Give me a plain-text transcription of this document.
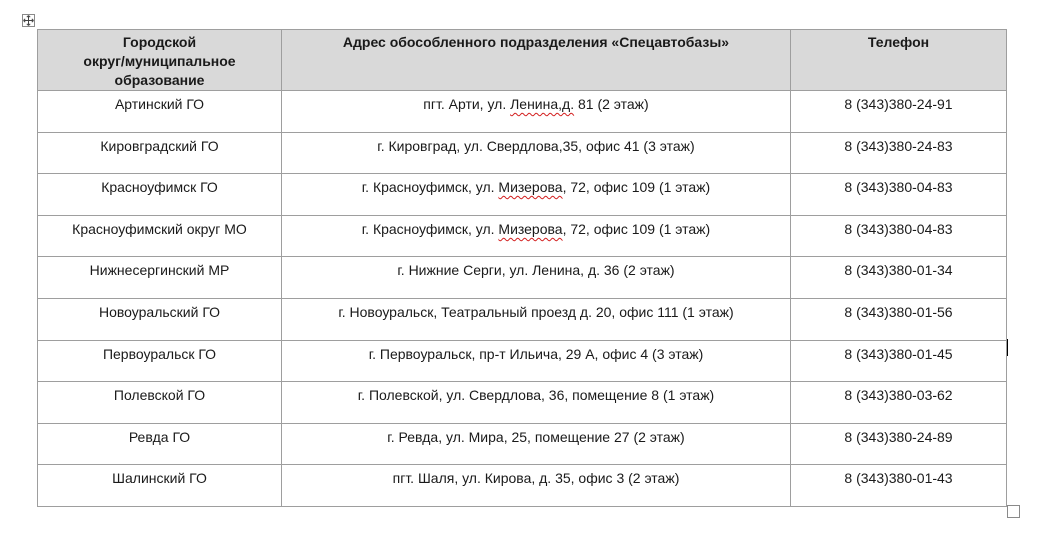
Городской
округ/муниципальное
образование	Адрес обособленного подразделения «Спецавтобазы»	Телефон

Артинский ГО	пгт. Арти, ул. Ленина,д. 81 (2 этаж)	8 (343)380-24-91
Кировградский ГО	г. Кировград, ул. Свердлова,35, офис 41 (3 этаж)	8 (343)380-24-83
Красноуфимск ГО	г. Красноуфимск, ул. Мизерова, 72, офис 109 (1 этаж)	8 (343)380-04-83
Красноуфимский округ МО	г. Красноуфимск, ул. Мизерова, 72, офис 109 (1 этаж)	8 (343)380-04-83
Нижнесергинский МР	г. Нижние Серги, ул. Ленина, д. 36 (2 этаж)	8 (343)380-01-34
Новоуральский ГО	г. Новоуральск, Театральный проезд д. 20, офис 111 (1 этаж)	8 (343)380-01-56
Первоуральск ГО	г. Первоуральск, пр-т Ильича, 29 А, офис 4 (3 этаж)	8 (343)380-01-45
Полевской ГО	г. Полевской, ул. Свердлова, 36, помещение 8 (1 этаж)	8 (343)380-03-62
Ревда ГО	г. Ревда, ул. Мира, 25, помещение 27 (2 этаж)	8 (343)380-24-89
Шалинский ГО	пгт. Шаля, ул. Кирова, д. 35, офис 3 (2 этаж)	8 (343)380-01-43
